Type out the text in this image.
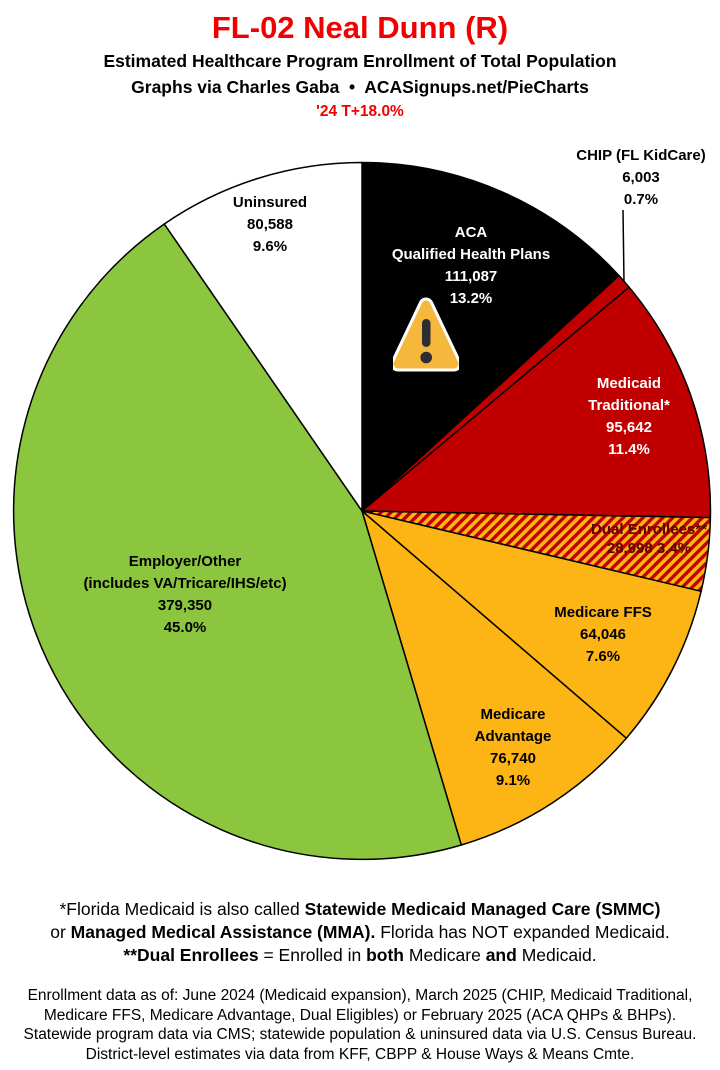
FL-02 Neal Dunn (R)
Estimated Healthcare Program Enrollment of Total Population
Graphs via Charles Gaba  •  ACASignups.net/PieCharts
'24 T+18.0%
CHIP (FL KidCare)
6,003
0.7%
ACA
Qualified Health Plans
111,087
13.2%
Medicaid
Traditional*
95,642
11.4%
Dual Enrollees**
28,998 3.4%
Medicare FFS
64,046
7.6%
Medicare
Advantage
76,740
9.1%
Employer/Other
(includes VA/Tricare/IHS/etc)
379,350
45.0%
Uninsured
80,588
9.6%
*Florida Medicaid is also called Statewide Medicaid Managed Care (SMMC)
or Managed Medical Assistance (MMA). Florida has NOT expanded Medicaid.
**Dual Enrollees = Enrolled in both Medicare and Medicaid.
Enrollment data as of: June 2024 (Medicaid expansion), March 2025 (CHIP, Medicaid Traditional,
Medicare FFS, Medicare Advantage, Dual Eligibles) or February 2025 (ACA QHPs & BHPs).
Statewide program data via CMS; statewide population & uninsured data via U.S. Census Bureau.
District-level estimates via data from KFF, CBPP & House Ways & Means Cmte.
